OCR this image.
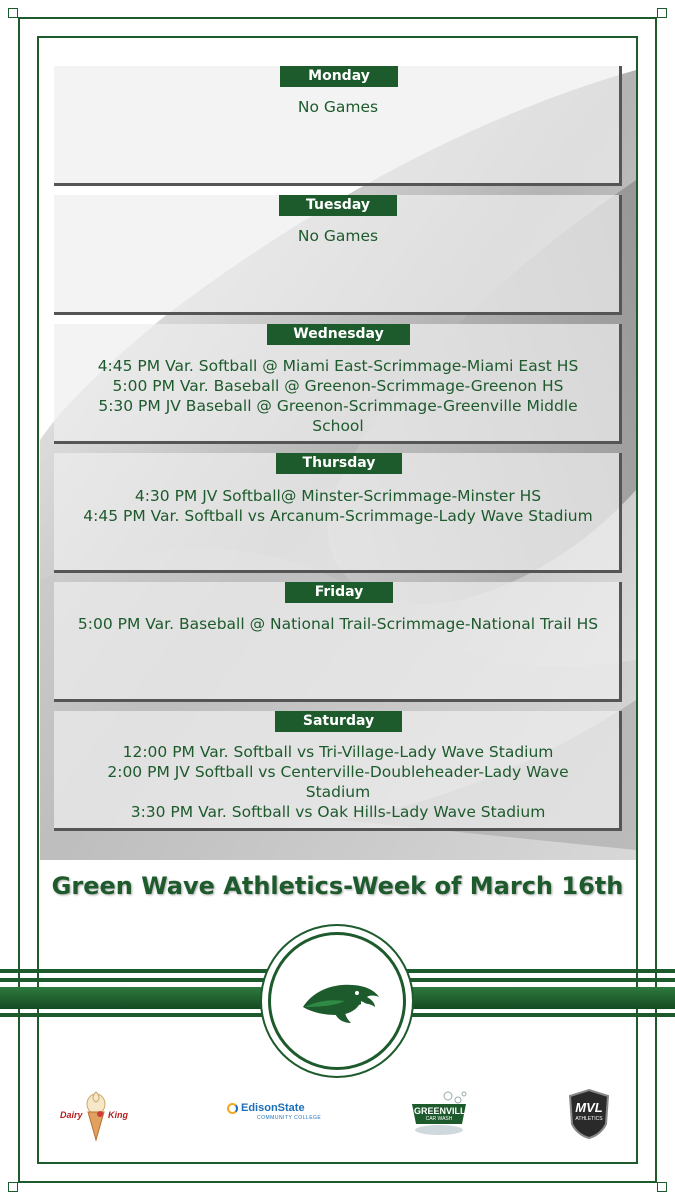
Monday
No Games
Tuesday
No Games
Wednesday
4:45 PM Var. Softball @ Miami East-Scrimmage-Miami East HS
5:00 PM Var. Baseball @ Greenon-Scrimmage-Greenon HS
5:30 PM JV Baseball @ Greenon-Scrimmage-Greenville Middle
School
Thursday
4:30 PM JV Softball@ Minster-Scrimmage-Minster HS
4:45 PM Var. Softball vs Arcanum-Scrimmage-Lady Wave Stadium
Friday
5:00 PM Var. Baseball @ National Trail-Scrimmage-National Trail HS
Saturday
12:00 PM Var. Softball vs Tri-Village-Lady Wave Stadium
2:00 PM JV Softball vs Centerville-Doubleheader-Lady Wave
Stadium
3:30 PM Var. Softball vs Oak Hills-Lady Wave Stadium
Green Wave Athletics-Week of March 16th
Dairy	King
EdisonState
COMMUNITY COLLEGE
GREENVILLE
CAR WASH
MVL
ATHLETICS
